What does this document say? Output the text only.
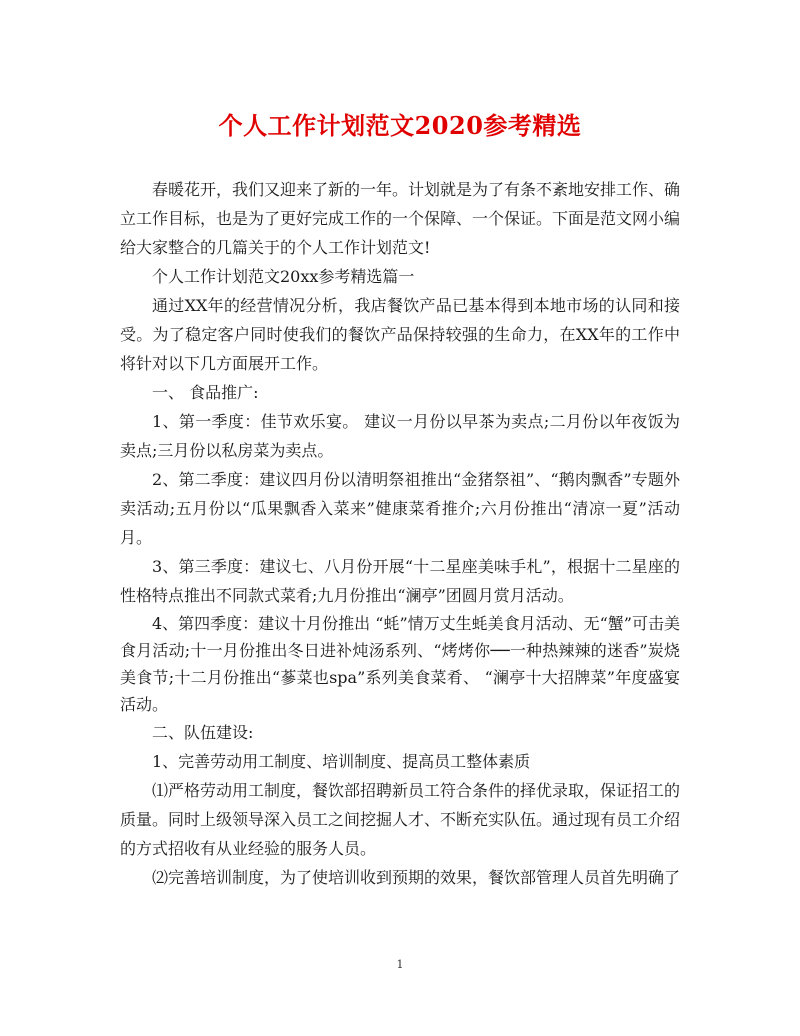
个人工作计划范文2020参考精选

春暖花开，我们又迎来了新的一年。计划就是为了有条不紊地安排工作、确立工作目标，也是为了更好完成工作的一个保障、一个保证。下面是范文网小编给大家整合的几篇关于的个人工作计划范文!

个人工作计划范文20xx参考精选篇一

通过XX年的经营情况分析，我店餐饮产品已基本得到本地市场的认同和接受。为了稳定客户同时使我们的餐饮产品保持较强的生命力，在XX年的工作中将针对以下几方面展开工作。

一、 食品推广:

1、第一季度：佳节欢乐宴。 建议一月份以早茶为卖点;二月份以年夜饭为卖点;三月份以私房菜为卖点。

2、第二季度：建议四月份以清明祭祖推出“金猪祭祖”、“鹅肉飘香”专题外卖活动;五月份以“瓜果飘香入菜来”健康菜肴推介;六月份推出“清凉一夏”活动月。

3、第三季度：建议七、八月份开展“十二星座美味手札”，根据十二星座的性格特点推出不同款式菜肴;九月份推出“澜亭”团圆月赏月活动。

4、第四季度：建议十月份推出 “蚝”情万丈生蚝美食月活动、无“蟹”可击美食月活动;十一月份推出冬日进补炖汤系列、“烤烤你──一种热辣辣的迷香”炭烧美食节;十二月份推出“蔘菜也spa”系列美食菜肴、 “澜亭十大招牌菜”年度盛宴活动。

二、队伍建设:

1、完善劳动用工制度、培训制度、提高员工整体素质

⑴严格劳动用工制度，餐饮部招聘新员工符合条件的择优录取，保证招工的质量。同时上级领导深入员工之间挖掘人才、不断充实队伍。通过现有员工介绍的方式招收有从业经验的服务人员。

⑵完善培训制度，为了使培训收到预期的效果，餐饮部管理人员首先明确了

1
